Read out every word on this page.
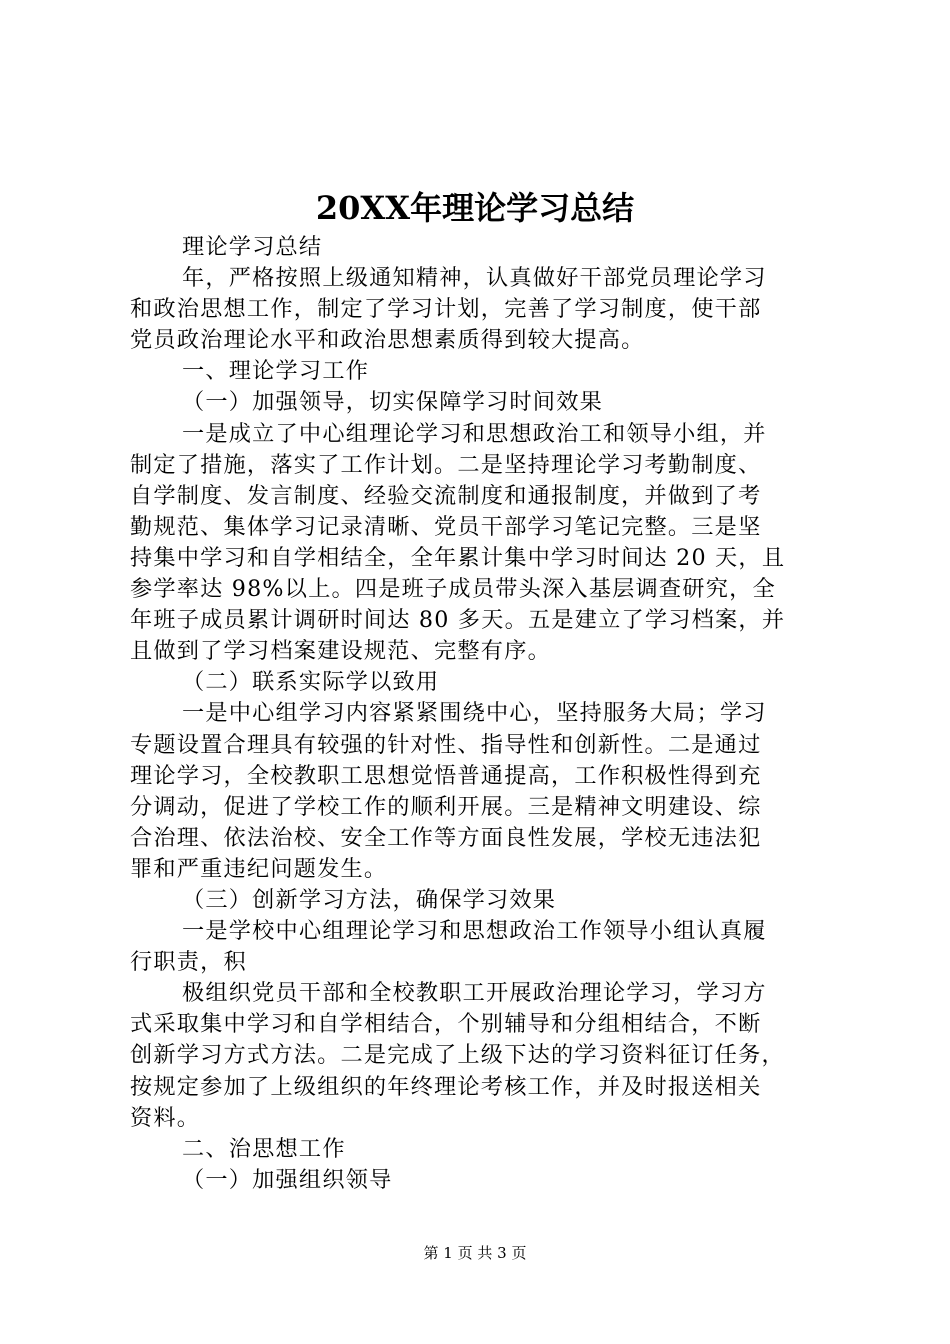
20XX年理论学习总结
理论学习总结
年，严格按照上级通知精神，认真做好干部党员理论学习
和政治思想工作，制定了学习计划，完善了学习制度，使干部
党员政治理论水平和政治思想素质得到较大提高。
一、理论学习工作
（一）加强领导，切实保障学习时间效果
一是成立了中心组理论学习和思想政治工和领导小组，并
制定了措施，落实了工作计划。二是坚持理论学习考勤制度、
自学制度、发言制度、经验交流制度和通报制度，并做到了考
勤规范、集体学习记录清晰、党员干部学习笔记完整。三是坚
持集中学习和自学相结全，全年累计集中学习时间达 20 天，且
参学率达 98%以上。四是班子成员带头深入基层调查研究，全
年班子成员累计调研时间达 80 多天。五是建立了学习档案，并
且做到了学习档案建设规范、完整有序。
（二）联系实际学以致用
一是中心组学习内容紧紧围绕中心，坚持服务大局；学习
专题设置合理具有较强的针对性、指导性和创新性。二是通过
理论学习，全校教职工思想觉悟普通提高，工作积极性得到充
分调动，促进了学校工作的顺利开展。三是精神文明建设、综
合治理、依法治校、安全工作等方面良性发展，学校无违法犯
罪和严重违纪问题发生。
（三）创新学习方法，确保学习效果
一是学校中心组理论学习和思想政治工作领导小组认真履
行职责，积
极组织党员干部和全校教职工开展政治理论学习，学习方
式采取集中学习和自学相结合，个别辅导和分组相结合，不断
创新学习方式方法。二是完成了上级下达的学习资料征订任务，
按规定参加了上级组织的年终理论考核工作，并及时报送相关
资料。
二、治思想工作
（一）加强组织领导
第 1 页 共 3 页
